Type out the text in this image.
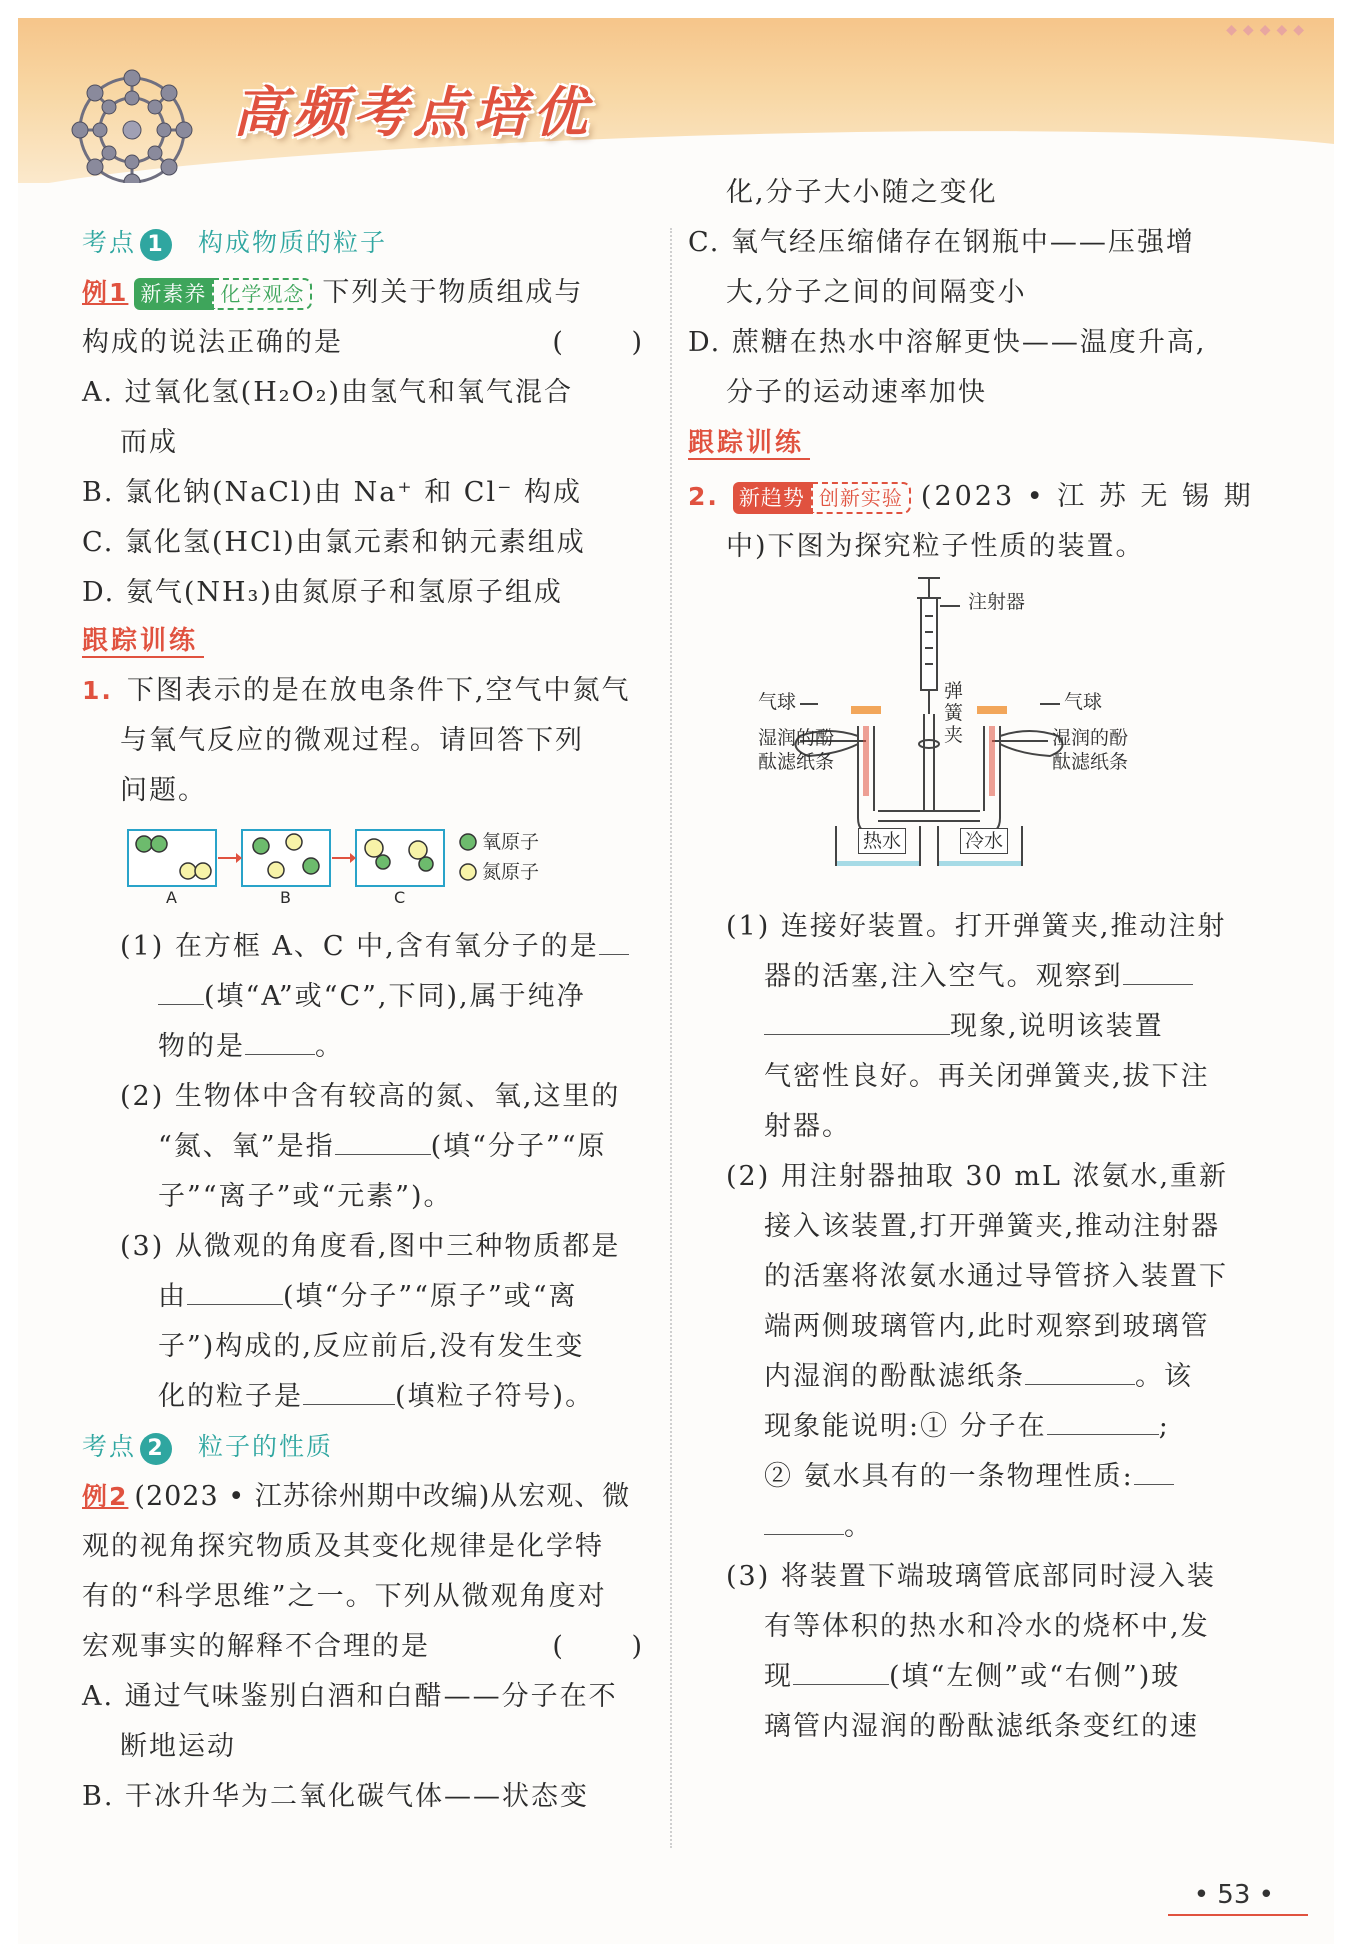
◆◆◆◆◆
高频考点培优
考点 1 构成物质的粒子
例1 新素养 化学观念 下列关于物质组成与
构成的说法正确的是	( )
A. 过氧化氢(H₂O₂)由氢气和氧气混合
而成
B. 氯化钠(NaCl)由 Na⁺ 和 Cl⁻ 构成
C. 氯化氢(HCl)由氯元素和钠元素组成
D. 氨气(NH₃)由氮原子和氢原子组成
跟踪训练
1. 下图表示的是在放电条件下,空气中氮气
与氧气反应的微观过程。请回答下列
问题。
A	B	C
氧原子
氮原子
(1) 在方框 A、C 中,含有氧分子的是
(填“A”或“C”,下同),属于纯净
物的是	。
(2) 生物体中含有较高的氮、氧,这里的
“氮、氧”是指	(填“分子”“原
子”“离子”或“元素”)。
(3) 从微观的角度看,图中三种物质都是
由	(填“分子”“原子”或“离
子”)构成的,反应前后,没有发生变
化的粒子是	(填粒子符号)。
考点 2 粒子的性质
例2 (2023 • 江苏徐州期中改编)从宏观、微
观的视角探究物质及其变化规律是化学特
有的“科学思维”之一。下列从微观角度对
宏观事实的解释不合理的是	( )
A. 通过气味鉴别白酒和白醋——分子在不
断地运动
B. 干冰升华为二氧化碳气体——状态变
化,分子大小随之变化
C. 氧气经压缩储存在钢瓶中——压强增
大,分子之间的间隔变小
D. 蔗糖在热水中溶解更快——温度升高,
分子的运动速率加快
跟踪训练
2. 新趋势 创新实验 (2023 • 江 苏 无 锡 期
中)下图为探究粒子性质的装置。
注射器
弹
簧
夹
气球	气球
湿润的酚
酞滤纸条
湿润的酚
酞滤纸条
热水	冷水
(1) 连接好装置。打开弹簧夹,推动注射
器的活塞,注入空气。观察到
现象,说明该装置
气密性良好。再关闭弹簧夹,拔下注
射器。
(2) 用注射器抽取 30 mL 浓氨水,重新
接入该装置,打开弹簧夹,推动注射器
的活塞将浓氨水通过导管挤入装置下
端两侧玻璃管内,此时观察到玻璃管
内湿润的酚酞滤纸条	。该
现象能说明:① 分子在	;
② 氨水具有的一条物理性质:
。
(3) 将装置下端玻璃管底部同时浸入装
有等体积的热水和冷水的烧杯中,发
现	(填“左侧”或“右侧”)玻
璃管内湿润的酚酞滤纸条变红的速
• 53 •
